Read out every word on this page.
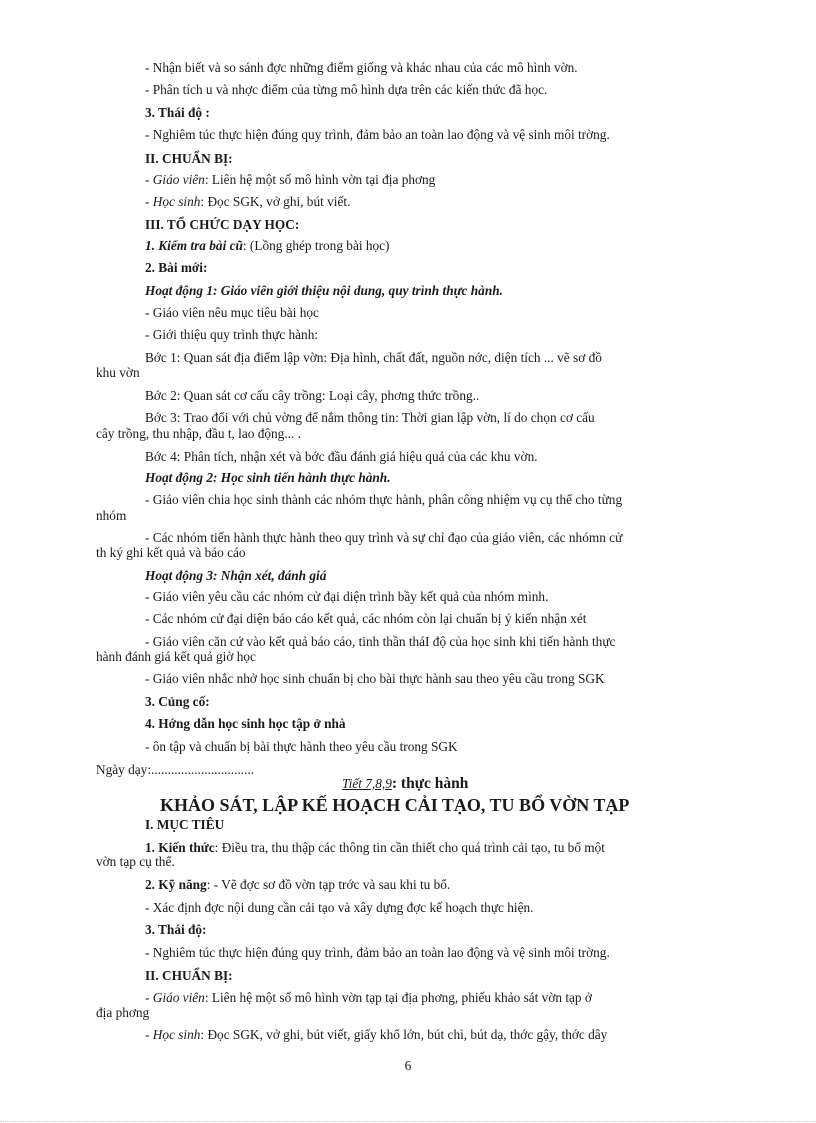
- Nhận biết và so sánh đợc những điểm giống và khác nhau của các mô hình vờn.
- Phân tích u và nhợc điểm của từng mô hình dựa trên các kiến thức đã học.
3. Thái độ :
- Nghiêm túc thực hiện đúng quy trình, đảm bảo an toàn lao động và vệ sinh môi trờng.
II. CHUẨN BỊ:
- Giáo viên: Liên hệ một số mô hình vờn tại địa phơng
- Học sinh: Đọc SGK, vở ghi, bút viết.
III. TỔ CHỨC DẠY HỌC:
1. Kiểm tra bài cũ: (Lồng ghép trong bài học)
2. Bài mới:
Hoạt động 1: Giáo viên giới thiệu nội dung, quy trình thực hành.
- Giáo viên nêu mục tiêu bài học
- Giới thiệu quy trình thực hành:
Bớc 1: Quan sát địa điểm lập vờn: Địa hình, chất đất, nguồn nớc, diện tích ... vẽ sơ đồ
khu vờn
Bớc 2: Quan sát cơ cấu cây trồng: Loại cây, phơng thức trồng..
Bớc 3: Trao đổi với chủ vờng để nắm thông tin: Thời gian lập vờn, lí do chọn cơ cấu
cây trồng, thu nhập, đầu t, lao động... .
Bớc 4: Phân tích, nhận xét và bớc đầu đánh giá hiệu quả của các khu vờn.
Hoạt động 2: Học sinh tiến hành thực hành.
- Giáo viên chia học sinh thành các nhóm thực hành, phân công nhiệm vụ cụ thể cho từng
nhóm
- Các nhóm tiến hành thực hành theo quy trình và sự chỉ đạo của giáo viên, các nhómn cử
th ký ghi kết quả và báo cáo
Hoạt động 3: Nhận xét, đánh giá
- Giáo viên yêu cầu các nhóm cử đại diện trình bầy kết quả của nhóm mình.
- Các nhóm cử đại diện báo cáo kết quả, các nhóm còn lại chuẩn bị ý kiến nhận xét
- Giáo viên căn cứ vào kết quả báo cáo, tinh thần tháI độ của học sinh khi tiến hành thực
hành đánh giá kết quả giờ học
- Giáo viên nhắc nhở học sinh chuẩn bị cho bài thực hành sau theo yêu cầu trong SGK
3. Củng cố:
4. Hớng dẫn học sinh học tập ở nhà
- ôn tập và chuẩn bị bài thực hành theo yêu cầu trong SGK
Ngày dạy:...............................
Tiết 7,8,9: thực hành
KHẢO SÁT, LẬP KẾ HOẠCH CẢI TẠO, TU BỔ VỜN TẠP
I. MỤC TIÊU
1. Kiến thức: Điều tra, thu thập các thông tin cần thiết cho quá trình cải tạo, tu bổ một
vờn tạp cụ thể.
2. Kỹ năng: - Vẽ đợc sơ đồ vờn tạp trớc và sau khi tu bổ.
- Xác định đợc nội dung cần cải tạo và xây dựng đợc kế hoạch thực hiện.
3. Thái độ:
- Nghiêm túc thực hiện đúng quy trình, đảm bảo an toàn lao động và vệ sinh môi trờng.
II. CHUẨN BỊ:
- Giáo viên: Liên hệ một số mô hình vờn tạp tại địa phơng, phiếu khảo sát vờn tạp ở
địa phơng
- Học sinh: Đọc SGK, vở ghi, bút viết, giấy khổ lớn, bút chì, bút dạ, thớc gậy, thớc dây
6
